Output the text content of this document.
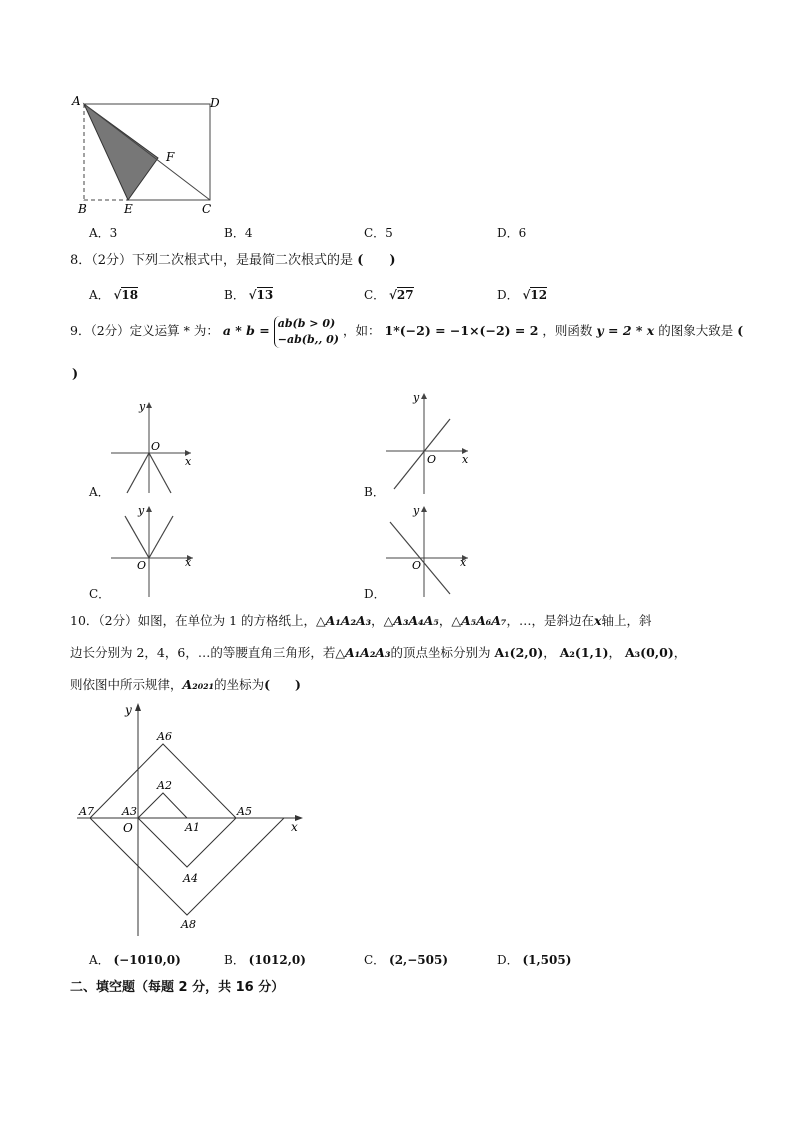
A	D
F
B	E	C
A．3	B．4	C．5	D．6
8．（2分）下列二次根式中，是最简二次根式的是 (　　)
A． √18	B． √13	C． √27	D． √12
9．（2分）定义运算 * 为： a * b = ab(b > 0)
−ab(b,, 0)
，如： 1*(−2) = −1×(−2) = 2 ，则函数 y = 2 * x 的图象大致是 (
)
y
O
x
A．
y
O x
B．
y
O	x
C．
y
O	x
D．
10．（2分）如图，在单位为 1 的方格纸上，△A₁A₂A₃，△A₃A₄A₅，△A₅A₆A₇，…，是斜边在x轴上，斜
边长分别为 2，4，6，…的等腰直角三角形，若△A₁A₂A₃的顶点坐标分别为 A₁(2,0)， A₂(1,1)， A₃(0,0)，
则依图中所示规律，A₂₀₂₁的坐标为(　　)
y
x
O	A1
A2
A3
A4
A5
A6
A7
A8
A． (−1010,0)	B． (1012,0)	C． (2,−505)	D． (1,505)
二、填空题（每题 2 分，共 16 分）
